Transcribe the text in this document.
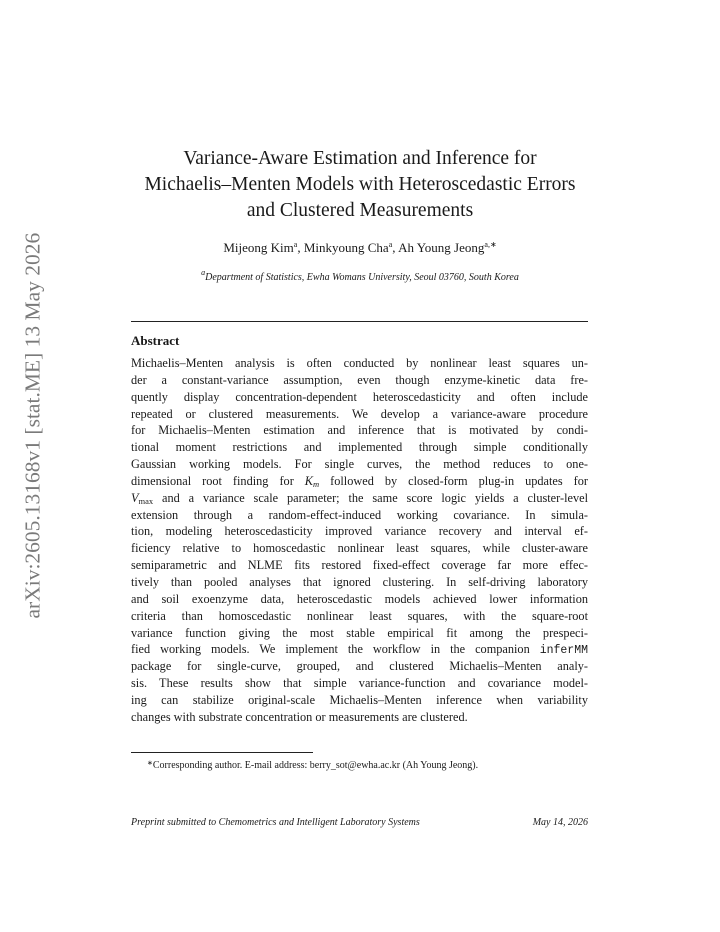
arXiv:2605.13168v1 [stat.ME] 13 May 2026
Variance-Aware Estimation and Inference for
Michaelis–Menten Models with Heteroscedastic Errors
and Clustered Measurements
Mijeong Kim$^a$, Minkyoung Cha$^a$, Ah Young Jeong$^{a,∗}$
$^a$Department of Statistics, Ewha Womans University, Seoul 03760, South Korea
Abstract
Michaelis–Menten analysis is often conducted by nonlinear least squares un-
der a constant-variance assumption, even though enzyme-kinetic data fre-
quently display concentration-dependent heteroscedasticity and often include
repeated or clustered measurements. We develop a variance-aware procedure
for Michaelis–Menten estimation and inference that is motivated by condi-
tional moment restrictions and implemented through simple conditionally
Gaussian working models. For single curves, the method reduces to one-
dimensional root finding for $K_m$ followed by closed-form plug-in updates for
$V_{max}$ and a variance scale parameter; the same score logic yields a cluster-level
extension through a random-effect-induced working covariance. In simula-
tion, modeling heteroscedasticity improved variance recovery and interval ef-
ficiency relative to homoscedastic nonlinear least squares, while cluster-aware
semiparametric and NLME fits restored fixed-effect coverage far more effec-
tively than pooled analyses that ignored clustering. In self-driving laboratory
and soil exoenzyme data, heteroscedastic models achieved lower information
criteria than homoscedastic nonlinear least squares, with the square-root
variance function giving the most stable empirical fit among the prespeci-
fied working models. We implement the workflow in the companion inferMM
package for single-curve, grouped, and clustered Michaelis–Menten analy-
sis. These results show that simple variance-function and covariance model-
ing can stabilize original-scale Michaelis–Menten inference when variability
changes with substrate concentration or measurements are clustered.
∗Corresponding author. E-mail address: berry_sot@ewha.ac.kr (Ah Young Jeong).
Preprint submitted to Chemometrics and Intelligent Laboratory Systems	May 14, 2026
